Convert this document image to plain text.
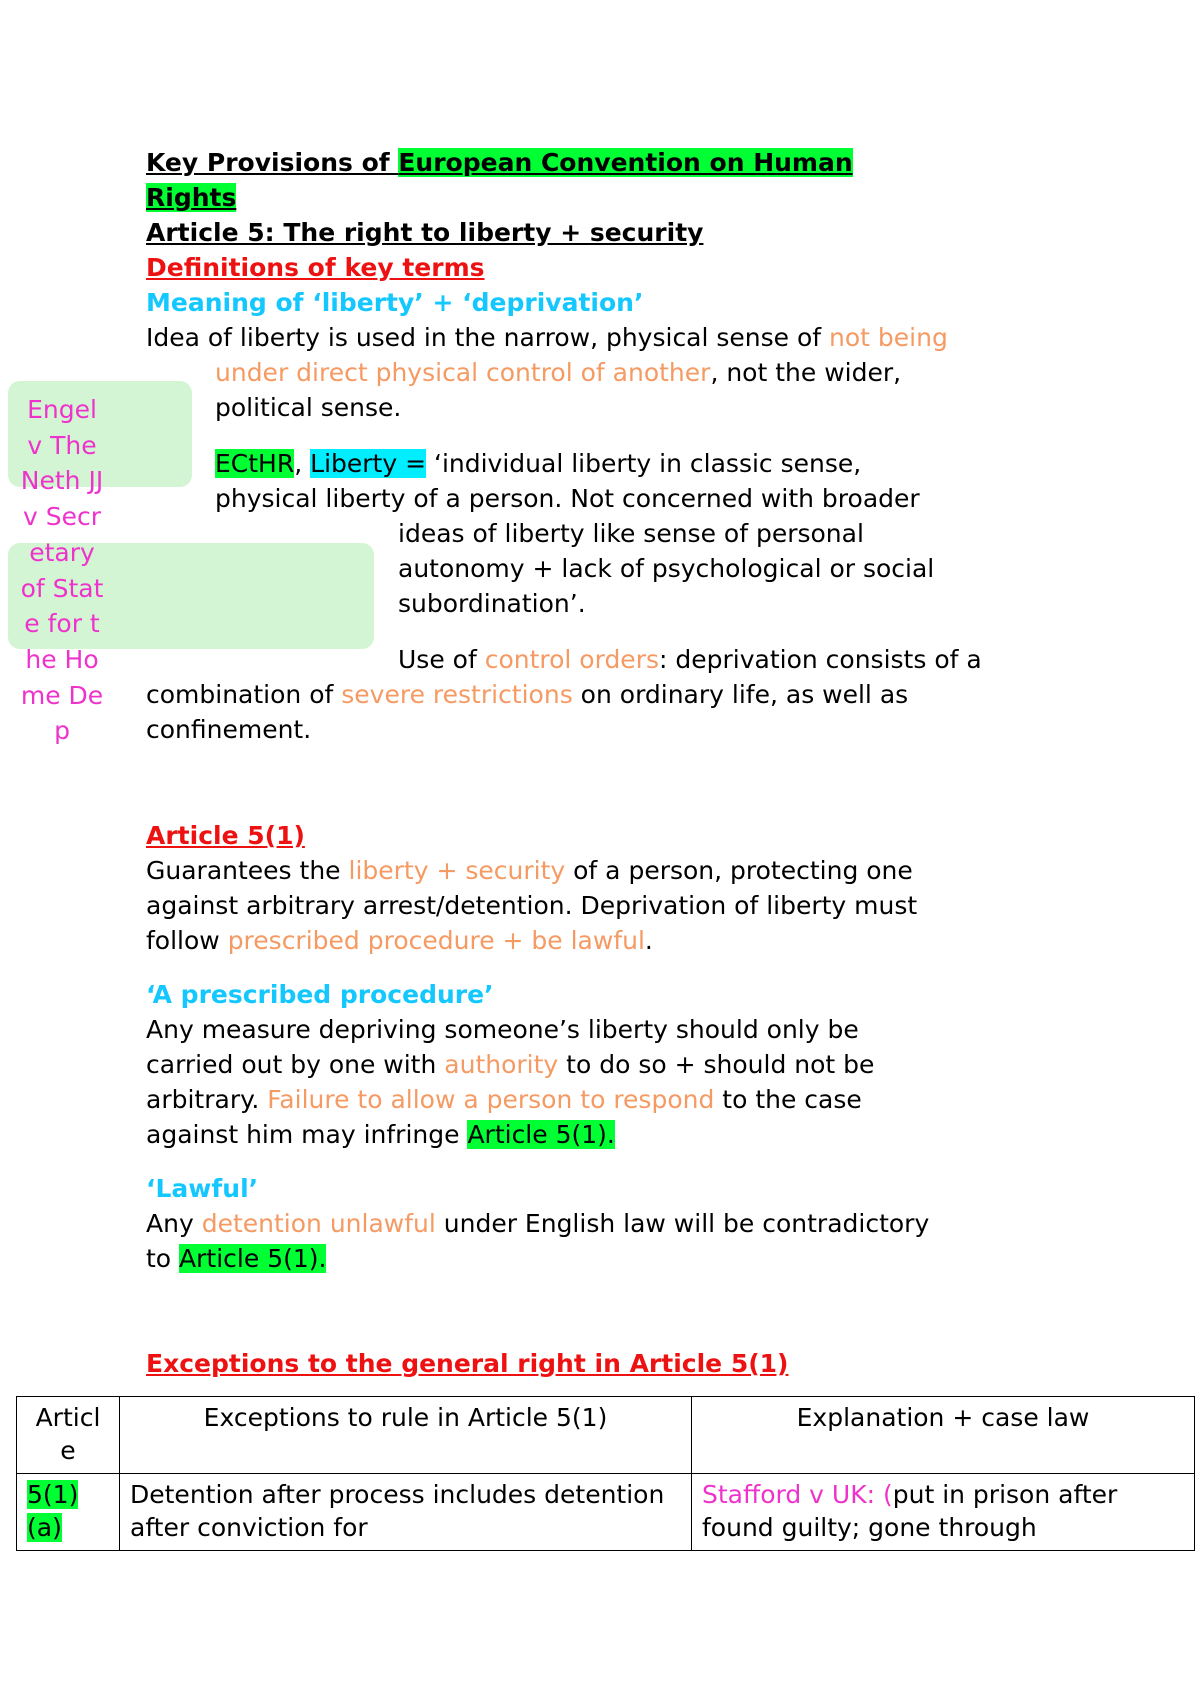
Key Provisions of European Convention on Human
Rights
Article 5: The right to liberty + security
Definitions of key terms
Meaning of ‘liberty’ + ‘deprivation’
Idea of liberty is used in the narrow, physical sense of not being
under direct physical control of another, not the wider,
political sense.
Engel v The Neth JJ v Secretary of State for the Home Dep
ECtHR, Liberty = ‘individual liberty in classic sense,
physical liberty of a person. Not concerned with broader
ideas of liberty like sense of personal
autonomy + lack of psychological or social
subordination’.
Use of control orders: deprivation consists of a
combination of severe restrictions on ordinary life, as well as
confinement.
Article 5(1)
Guarantees the liberty + security of a person, protecting one
against arbitrary arrest/detention. Deprivation of liberty must
follow prescribed procedure + be lawful.
‘A prescribed procedure’
Any measure depriving someone’s liberty should only be
carried out by one with authority to do so + should not be
arbitrary. Failure to allow a person to respond to the case
against him may infringe Article 5(1).
‘Lawful’
Any detention unlawful under English law will be contradictory
to Article 5(1).
Exceptions to the general right in Article 5(1)
Article	Exceptions to rule in Article 5(1)	Explanation + case law

5(1)(a)	Detention after process includes detention after conviction for	Stafford v UK: (put in prison after found guilty; gone through
